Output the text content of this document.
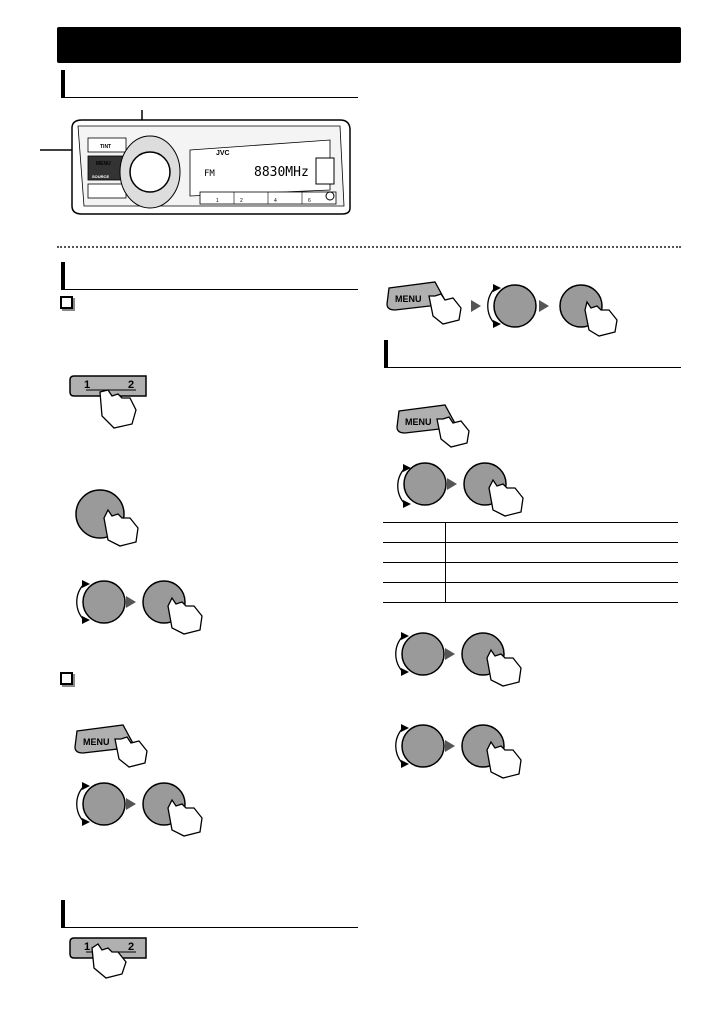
TINT
MENU
SOURCE
JVC
FM	8830MHz
1	2	4	6
1	2
MENU
1	2
MENU
MENU
